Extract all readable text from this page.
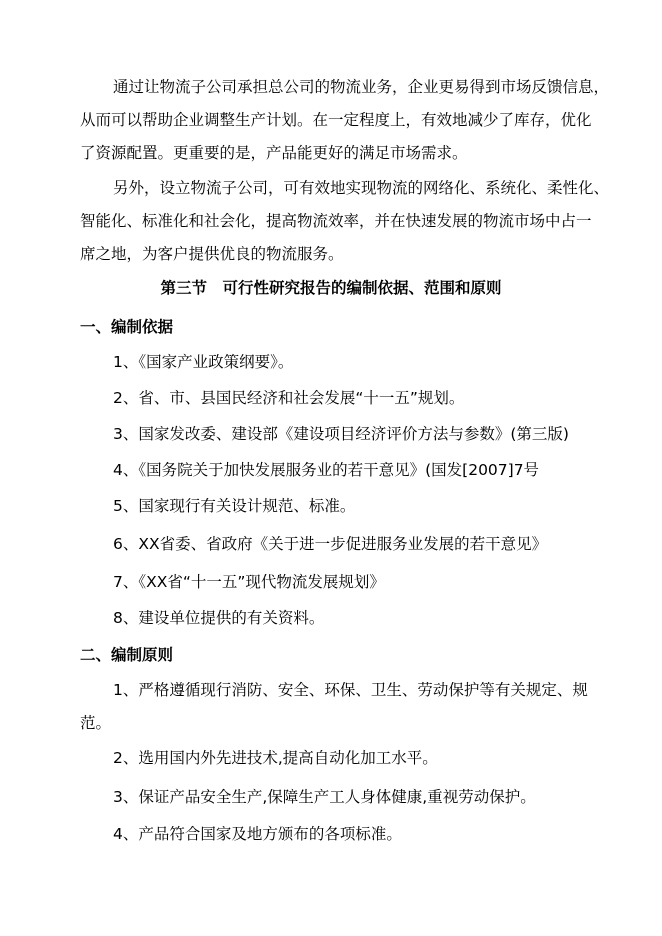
通过让物流子公司承担总公司的物流业务，企业更易得到市场反馈信息，
从而可以帮助企业调整生产计划。在一定程度上，有效地减少了库存，优化
了资源配置。更重要的是，产品能更好的满足市场需求。
另外，设立物流子公司，可有效地实现物流的网络化、系统化、柔性化、
智能化、标准化和社会化，提高物流效率，并在快速发展的物流市场中占一
席之地，为客户提供优良的物流服务。
第三节　可行性研究报告的编制依据、范围和原则
一、编制依据
1、《国家产业政策纲要》。
2、省、市、县国民经济和社会发展“十一五”规划。
3、国家发改委、建设部《建设项目经济评价方法与参数》(第三版)
4、《国务院关于加快发展服务业的若干意见》(国发[2007]7号
5、国家现行有关设计规范、标准。
6、XX省委、省政府《关于进一步促进服务业发展的若干意见》
7、《XX省“十一五”现代物流发展规划》
8、建设单位提供的有关资料。
二、编制原则
1、严格遵循现行消防、安全、环保、卫生、劳动保护等有关规定、规
范。
2、选用国内外先进技术,提高自动化加工水平。
3、保证产品安全生产,保障生产工人身体健康,重视劳动保护。
4、产品符合国家及地方颁布的各项标准。
